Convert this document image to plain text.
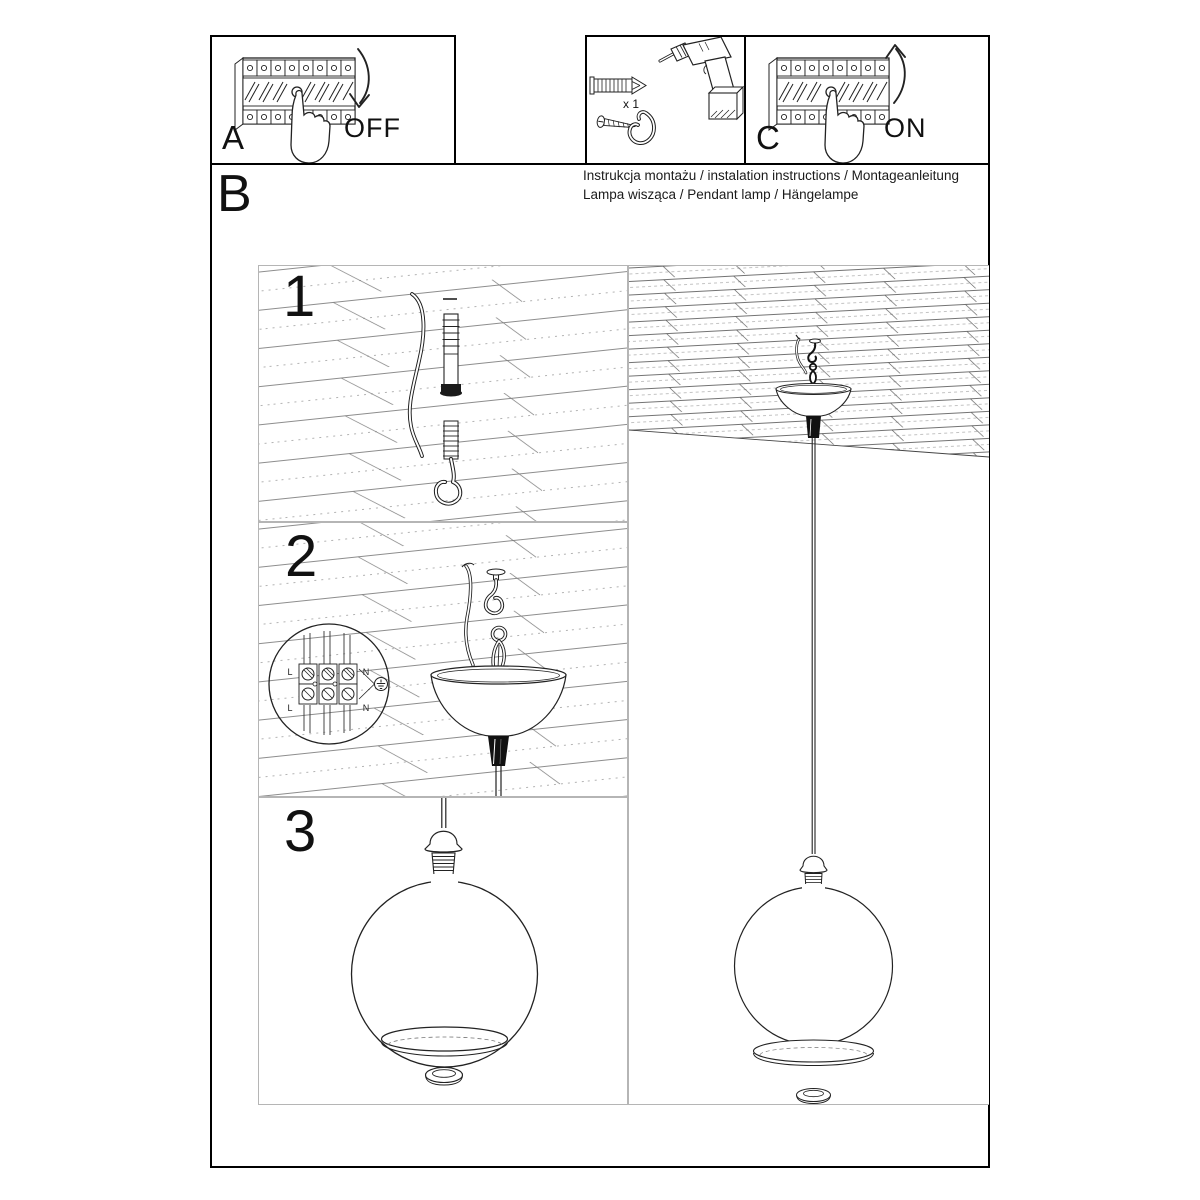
A	OFF
x 1
C	ON
B	Instrukcja montażu / instalation instructions / Montageanleitung
Lampa wisząca / Pendant lamp / Hängelampe
1
L	N
L	N
2
3
